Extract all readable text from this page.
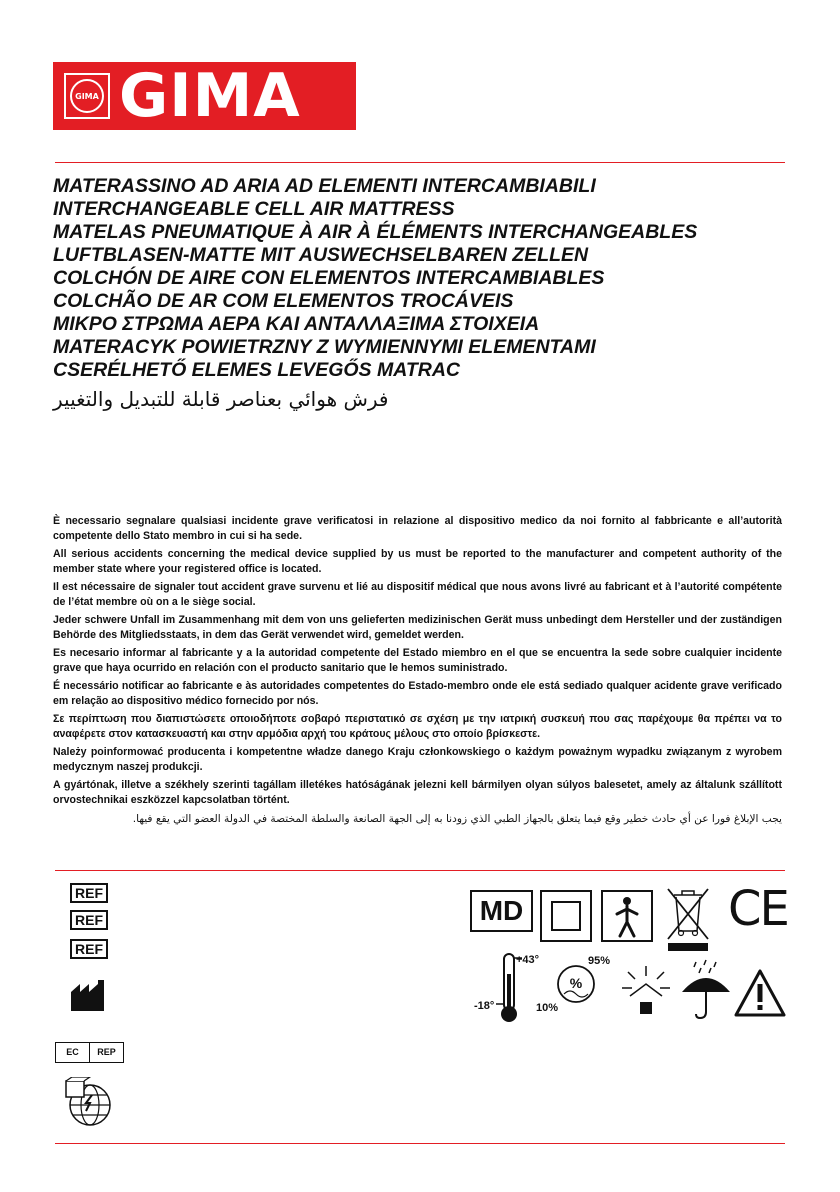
GIMA GIMA
MATERASSINO AD ARIA AD ELEMENTI INTERCAMBIABILI
INTERCHANGEABLE CELL AIR MATTRESS
MATELAS PNEUMATIQUE À AIR À ÉLÉMENTS INTERCHANGEABLES
LUFTBLASEN-MATTE MIT AUSWECHSELBAREN ZELLEN
COLCHÓN DE AIRE CON ELEMENTOS INTERCAMBIABLES
COLCHÃO DE AR COM ELEMENTOS TROCÁVEIS
ΜΙΚΡΟ ΣΤΡΩΜΑ ΑΕΡΑ ΚΑΙ ΑΝΤΑΛΛΑΞΙΜΑ ΣΤΟΙΧΕΙΑ
MATERACYK POWIETRZNY Z WYMIENNYMI ELEMENTAMI
CSERÉLHETŐ ELEMES LEVEGŐS MATRAC
فرش هوائي بعناصر قابلة للتبديل والتغيير

È necessario segnalare qualsiasi incidente grave verificatosi in relazione al dispositivo medico da noi fornito al fabbricante e all’autorità competente dello Stato membro in cui si ha sede.

All serious accidents concerning the medical device supplied by us must be reported to the manufacturer and competent authority of the member state where your registered office is located.

Il est nécessaire de signaler tout accident grave survenu et lié au dispositif médical que nous avons livré au fabricant et à l’autorité compétente de l’état membre où on a le siège social.

Jeder schwere Unfall im Zusammenhang mit dem von uns gelieferten medizinischen Gerät muss unbedingt dem Hersteller und der zuständigen Behörde des Mitgliedsstaats, in dem das Gerät verwendet wird, gemeldet werden.

Es necesario informar al fabricante y a la autoridad competente del Estado miembro en el que se encuentra la sede sobre cualquier incidente grave que haya ocurrido en relación con el producto sanitario que le hemos suministrado.

É necessário notificar ao fabricante e às autoridades competentes do Estado-membro onde ele está sediado qualquer acidente grave verificado em relação ao dispositivo médico fornecido por nós.

Σε περίπτωση που διαπιστώσετε οποιοδήποτε σοβαρό περιστατικό σε σχέση με την ιατρική συσκευή που σας παρέχουμε θα πρέπει να το αναφέρετε στον κατασκευαστή και στην αρμόδια αρχή του κράτους μέλους στο οποίο βρίσκεστε.

Należy poinformować producenta i kompetentne władze danego Kraju członkowskiego o każdym poważnym wypadku związanym z wyrobem medycznym naszej produkcji.

A gyártónak, illetve a székhely szerinti tagállam illetékes hatóságának jelezni kell bármilyen olyan súlyos balesetet, amely az általunk szállított orvostechnikai eszközzel kapcsolatban történt.

يجب الإبلاغ فورا عن أي حادث خطير وقع فيما يتعلق بالجهاز الطبي الذي زودنا به إلى الجهة الصانعة والسلطة المختصة في الدولة العضو التي يقع فيها.

REF
REF
REF
EC	REP
MD	CE
+43°
-18°
%
95%
10%
